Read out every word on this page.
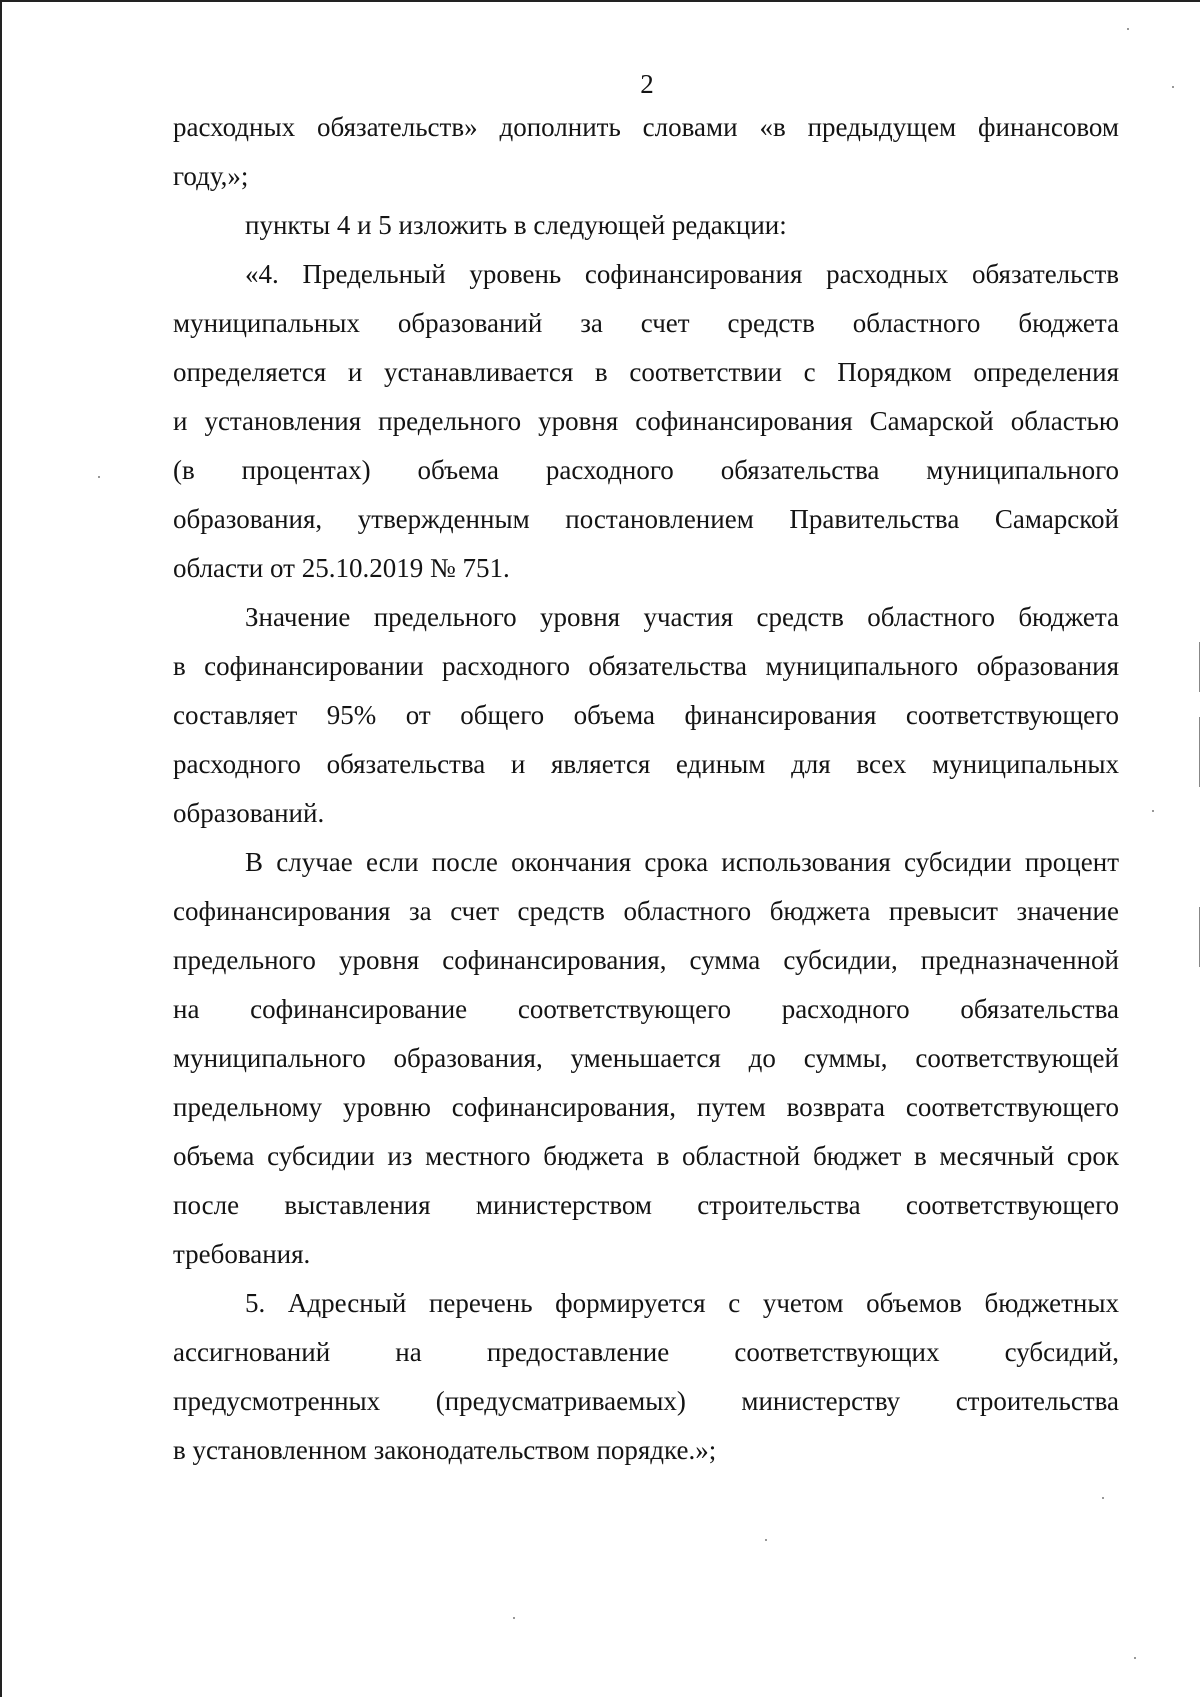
2
расходных обязательств» дополнить словами «в предыдущем финансовом
году,»;
пункты 4 и 5 изложить в следующей редакции:
«4. Предельный уровень софинансирования расходных обязательств
муниципальных образований за счет средств областного бюджета
определяется и устанавливается в соответствии с Порядком определения
и установления предельного уровня софинансирования Самарской областью
(в процентах) объема расходного обязательства муниципального
образования, утвержденным постановлением Правительства Самарской
области от 25.10.2019 № 751.
Значение предельного уровня участия средств областного бюджета
в софинансировании расходного обязательства муниципального образования
составляет 95% от общего объема финансирования соответствующего
расходного обязательства и является единым для всех муниципальных
образований.
В случае если после окончания срока использования субсидии процент
софинансирования за счет средств областного бюджета превысит значение
предельного уровня софинансирования, сумма субсидии, предназначенной
на софинансирование соответствующего расходного обязательства
муниципального образования, уменьшается до суммы, соответствующей
предельному уровню софинансирования, путем возврата соответствующего
объема субсидии из местного бюджета в областной бюджет в месячный срок
после выставления министерством строительства соответствующего
требования.
5. Адресный перечень формируется с учетом объемов бюджетных
ассигнований на предоставление соответствующих субсидий,
предусмотренных (предусматриваемых) министерству строительства
в установленном законодательством порядке.»;
